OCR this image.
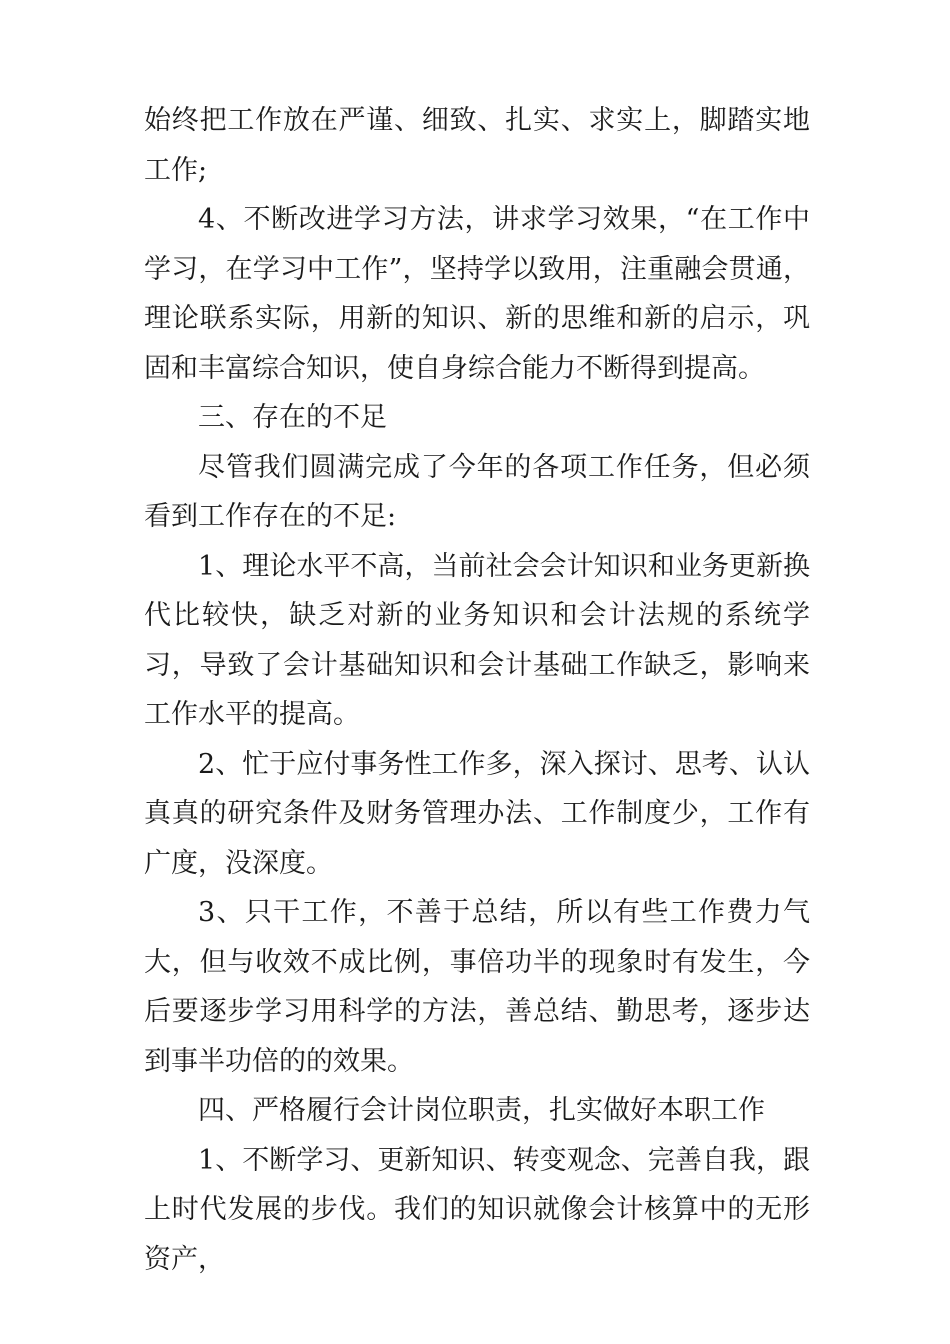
始终把工作放在严谨、细致、扎实、求实上，脚踏实地工作;

4、不断改进学习方法，讲求学习效果，“在工作中学习，在学习中工作”，坚持学以致用，注重融会贯通，理论联系实际，用新的知识、新的思维和新的启示，巩固和丰富综合知识，使自身综合能力不断得到提高。

三、存在的不足

尽管我们圆满完成了今年的各项工作任务，但必须看到工作存在的不足:

1、理论水平不高，当前社会会计知识和业务更新换代比较快，缺乏对新的业务知识和会计法规的系统学习，导致了会计基础知识和会计基础工作缺乏，影响来工作水平的提高。

2、忙于应付事务性工作多，深入探讨、思考、认认真真的研究条件及财务管理办法、工作制度少，工作有广度，没深度。

3、只干工作，不善于总结，所以有些工作费力气大，但与收效不成比例，事倍功半的现象时有发生，今后要逐步学习用科学的方法，善总结、勤思考，逐步达到事半功倍的的效果。

四、严格履行会计岗位职责，扎实做好本职工作

1、不断学习、更新知识、转变观念、完善自我，跟上时代发展的步伐。我们的知识就像会计核算中的无形资产，
